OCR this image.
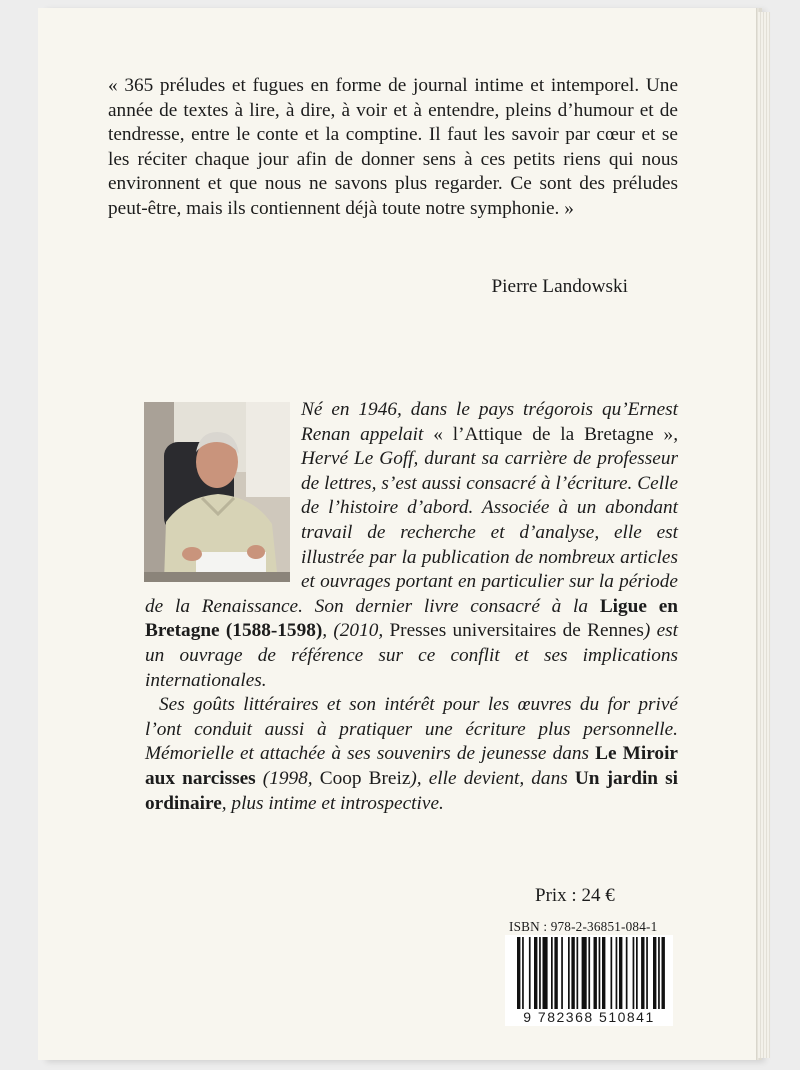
« 365 préludes et fugues en forme de journal intime et intemporel. Une année de textes à lire, à dire, à voir et à entendre, pleins d’humour et de tendresse, entre le conte et la comptine. Il faut les savoir par cœur et se les réciter chaque jour afin de donner sens à ces petits riens qui nous environnent et que nous ne savons plus regarder. Ce sont des préludes peut-être, mais ils contiennent déjà toute notre symphonie. »

Pierre Landowski

Né en 1946, dans le pays trégorois qu’Ernest Renan appelait « l’Attique de la Bretagne », Hervé Le Goff, durant sa carrière de professeur de lettres, s’est aussi consacré à l’écriture. Celle de l’histoire d’abord. Associée à un abondant travail de recherche et d’analyse, elle est illustrée par la publication de nombreux articles et ouvrages portant en particulier sur la période de la Renaissance. Son dernier livre consacré à la Ligue en Bretagne (1588-1598), (2010, Presses universitaires de Rennes) est un ouvrage de référence sur ce conflit et ses implications internationales.

Ses goûts littéraires et son intérêt pour les œuvres du for privé l’ont conduit aussi à pratiquer une écriture plus personnelle. Mémorielle et attachée à ses souvenirs de jeunesse dans Le Miroir aux narcisses (1998, Coop Breiz), elle devient, dans Un jardin si ordinaire, plus intime et introspective.

Prix : 24 €
ISBN : 978-2-36851-084-1
9 782368 510841
